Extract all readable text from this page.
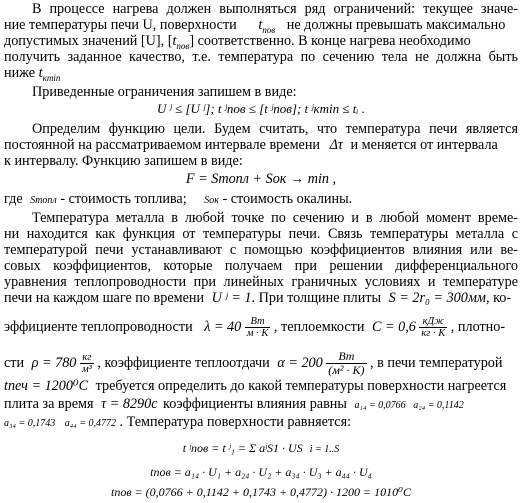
В процессе нагрева должен выполняться ряд ограничений: текущее значе-
ние температуры печи U, поверхности $t_{пов}$ не должны превышать максимально
допустимых значений [U], $[t_{пов}]$ соответственно. В конце нагрева необходимо
получить заданное качество, т.е. температура по сечению тела не должна быть
ниже $t_{кmin}$
Приведенные ограничения запишем в виде:
U ʲ ≤ [U ʲ]; t ʲпов ≤ [t ʲпов]; t ʲкmin ≤ tᵢ .
Определим функцию цели. Будем считать, что температура печи является
постоянной на рассматриваемом интервале времени Δτ и меняется от интервала
к интервалу. Функцию запишем в виде:
F = Sтопл + Sок → min ,
где Sтопл - стоимость топлива; Sок - стоимость окалины.
Температура металла в любой точке по сечению и в любой момент време-
ни находится как функция от температуры печи. Связь температуры металла с
температурой печи устанавливают с помощью коэффициентов влияния или ве-
совых коэффициентов, которые получаем при решении дифференциального
уравнения теплопроводности при линейных граничных условиях и температуре
печи на каждом шаге по времени U ʲ = 1. При толщине плиты S = 2r₀ = 300мм, ко-
эффициенте теплопроводности $\lambda = 40 \frac{Вт}{м \cdot К}$ , теплоемкости $C = 0,6 \frac{\text{кДж}}{кг \cdot К}$ , плотно-
сти $\rho = 780 \frac{кг}{\text{м³}}$ , коэффициенте теплоотдачи $\alpha = 200 \frac{Вт}{\text{(м² · К)}}$ , в печи температурой
tпеч = 1200⁰C требуется определить до какой температуры поверхности нагреется
плита за время τ = 8290с коэффициенты влияния равны a₁₄ = 0,0766 a₂₄ = 0,1142
a₃₄ = 0,1743 a₄₄ = 0,4772 . Температура поверхности равняется:
t ʲпов = t ʲ₁ = Σ aʲS1 · US i = 1..S
tпов = a₁₄ · U₁ + a₂₄ · U₂ + a₃₄ · U₃ + a₄₄ · U₄
tпов = (0,0766 + 0,1142 + 0,1743 + 0,4772) · 1200 = 1010⁰C
